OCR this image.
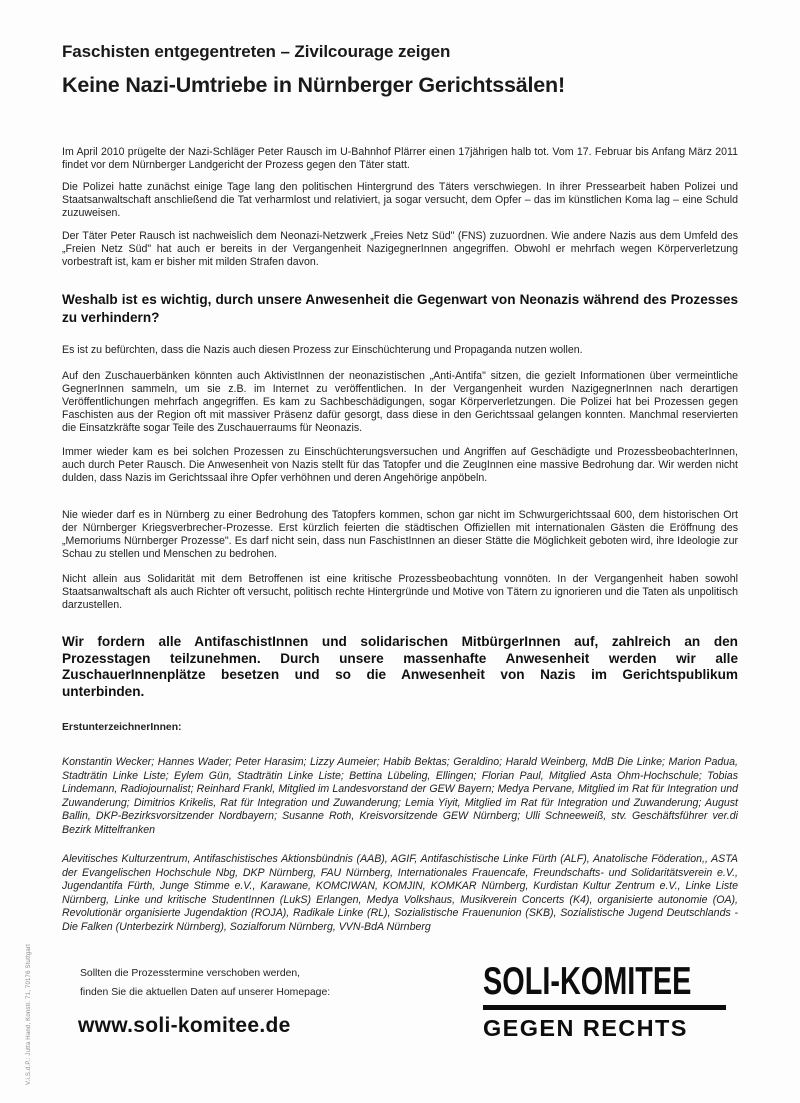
Faschisten entgegentreten – Zivilcourage zeigen
Keine Nazi-Umtriebe in Nürnberger Gerichtssälen!

Im April 2010 prügelte der Nazi-Schläger Peter Rausch im U-Bahnhof Plärrer einen 17jährigen halb tot. Vom 17. Februar bis Anfang März 2011 findet vor dem Nürnberger Landgericht der Prozess gegen den Täter statt.

Die Polizei hatte zunächst einige Tage lang den politischen Hintergrund des Täters verschwiegen. In ihrer Pressearbeit haben Polizei und Staatsanwaltschaft anschließend die Tat verharmlost und relativiert, ja sogar versucht, dem Opfer – das im künstlichen Koma lag – eine Schuld zuzuweisen.

Der Täter Peter Rausch ist nachweislich dem Neonazi-Netzwerk „Freies Netz Süd" (FNS) zuzuordnen. Wie andere Nazis aus dem Umfeld des „Freien Netz Süd" hat auch er bereits in der Vergangenheit NazigegnerInnen angegriffen. Obwohl er mehrfach wegen Körperverletzung vorbestraft ist, kam er bisher mit milden Strafen davon.

Weshalb ist es wichtig, durch unsere Anwesenheit die Gegenwart von Neonazis während des Prozesses zu verhindern?

Es ist zu befürchten, dass die Nazis auch diesen Prozess zur Einschüchterung und Propaganda nutzen wollen.

Auf den Zuschauerbänken könnten auch AktivistInnen der neonazistischen „Anti-Antifa" sitzen, die gezielt Informationen über vermeintliche GegnerInnen sammeln, um sie z.B. im Internet zu veröffentlichen. In der Vergangenheit wurden NazigegnerInnen nach derartigen Veröffentlichungen mehrfach angegriffen. Es kam zu Sachbeschädigungen, sogar Körperverletzungen. Die Polizei hat bei Prozessen gegen Faschisten aus der Region oft mit massiver Präsenz dafür gesorgt, dass diese in den Gerichtssaal gelangen konnten. Manchmal reservierten die Einsatzkräfte sogar Teile des Zuschauerraums für Neonazis.

Immer wieder kam es bei solchen Prozessen zu Einschüchterungsversuchen und Angriffen auf Geschädigte und ProzessbeobachterInnen, auch durch Peter Rausch. Die Anwesenheit von Nazis stellt für das Tatopfer und die ZeugInnen eine massive Bedrohung dar. Wir werden nicht dulden, dass Nazis im Gerichtssaal ihre Opfer verhöhnen und deren Angehörige anpöbeln.

Nie wieder darf es in Nürnberg zu einer Bedrohung des Tatopfers kommen, schon gar nicht im Schwurgerichtssaal 600, dem historischen Ort der Nürnberger Kriegsverbrecher-Prozesse. Erst kürzlich feierten die städtischen Offiziellen mit internationalen Gästen die Eröffnung des „Memoriums Nürnberger Prozesse". Es darf nicht sein, dass nun FaschistInnen an dieser Stätte die Möglichkeit geboten wird, ihre Ideologie zur Schau zu stellen und Menschen zu bedrohen.

Nicht allein aus Solidarität mit dem Betroffenen ist eine kritische Prozessbeobachtung vonnöten. In der Vergangenheit haben sowohl Staatsanwaltschaft als auch Richter oft versucht, politisch rechte Hintergründe und Motive von Tätern zu ignorieren und die Taten als unpolitisch darzustellen.

Wir fordern alle AntifaschistInnen und solidarischen MitbürgerInnen auf, zahlreich an den Prozesstagen teilzunehmen. Durch unsere massenhafte Anwesenheit werden wir alle ZuschauerInnenplätze besetzen und so die Anwesenheit von Nazis im Gerichtspublikum unterbinden.

ErstunterzeichnerInnen:

Konstantin Wecker; Hannes Wader; Peter Harasim; Lizzy Aumeier; Habib Bektas; Geraldino; Harald Weinberg, MdB Die Linke; Marion Padua, Stadträtin Linke Liste; Eylem Gün, Stadträtin Linke Liste; Bettina Lübeling, Ellingen; Florian Paul, Mitglied Asta Ohm-Hochschule; Tobias Lindemann, Radiojournalist; Reinhard Frankl, Mitglied im Landesvorstand der GEW Bayern; Medya Pervane, Mitglied im Rat für Integration und Zuwanderung; Dimitrios Krikelis, Rat für Integration und Zuwanderung; Lemia Yiyit, Mitglied im Rat für Integration und Zuwanderung; August Ballin, DKP-Bezirksvorsitzender Nordbayern; Susanne Roth, Kreisvorsitzende GEW Nürnberg; Ulli Schneeweiß, stv. Geschäftsführer ver.di Bezirk Mittelfranken

Alevitisches Kulturzentrum, Antifaschistisches Aktionsbündnis (AAB), AGIF, Antifaschistische Linke Fürth (ALF), Anatolische Föderation,, ASTA der Evangelischen Hochschule Nbg, DKP Nürnberg, FAU Nürnberg, Internationales Frauencafe, Freundschafts- und Solidaritätsverein e.V., Jugendantifa Fürth, Junge Stimme e.V., Karawane, KOMCIWAN, KOMJIN, KOMKAR Nürnberg, Kurdistan Kultur Zentrum e.V., Linke Liste Nürnberg, Linke und kritische StudentInnen (LukS) Erlangen, Medya Volkshaus, Musikverein Concerts (K4), organisierte autonomie (OA), Revolutionär organisierte Jugendaktion (ROJA), Radikale Linke (RL), Sozialistische Frauenunion (SKB), Sozialistische Jugend Deutschlands - Die Falken (Unterbezirk Nürnberg), Sozialforum Nürnberg, VVN-BdA Nürnberg

Sollten die Prozesstermine verschoben werden,
finden Sie die aktuellen Daten auf unserer Homepage:
www.soli-komitee.de
SOLI-KOMITEE
GEGEN RECHTS
V.i.S.d.P.: Jutta Hand, Konstr. 71, 70176 Stuttgart
